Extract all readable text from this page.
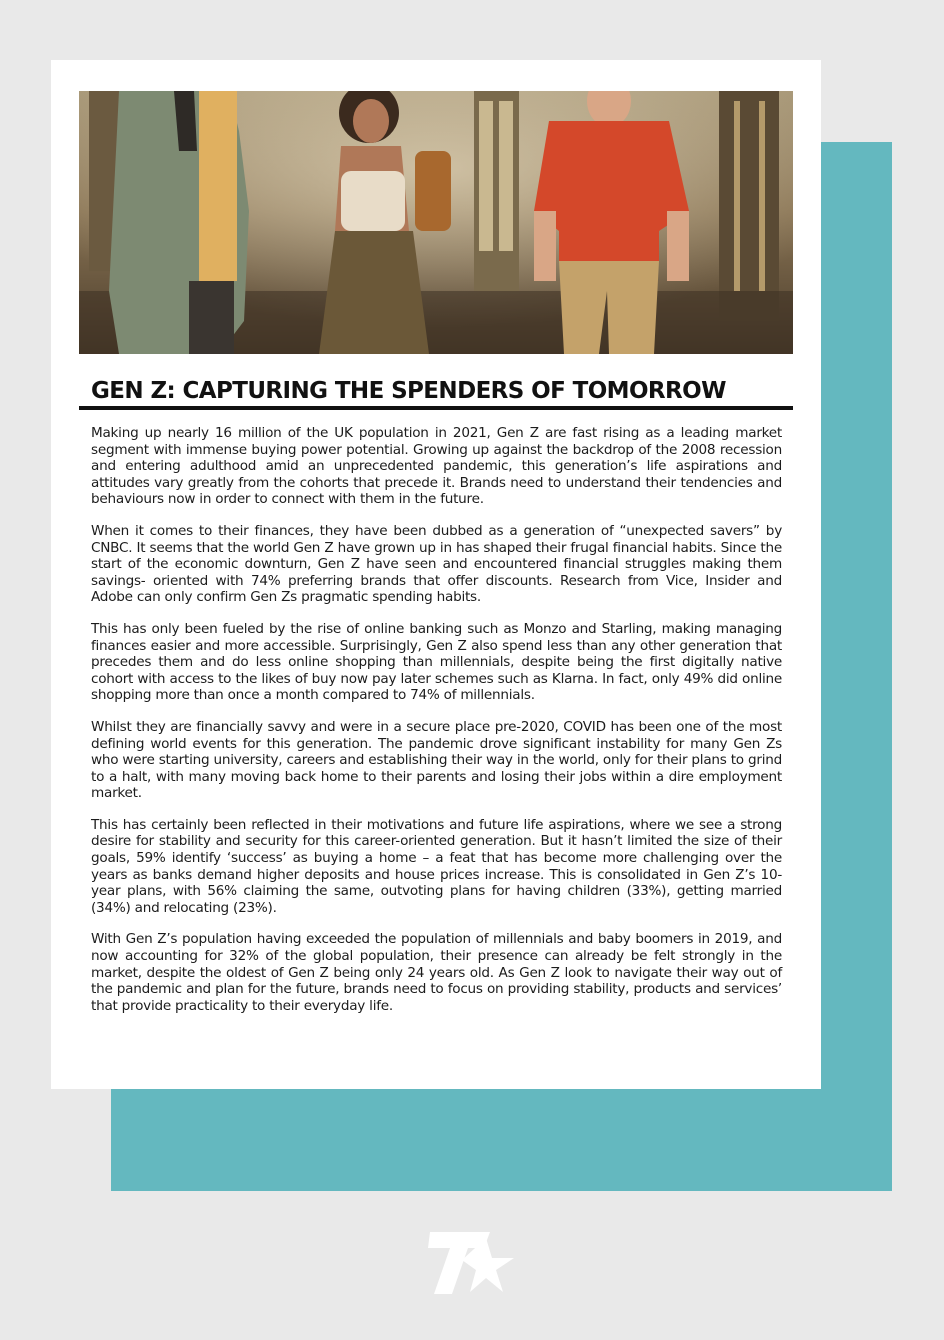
GEN Z: CAPTURING THE SPENDERS OF TOMORROW

Making up nearly 16 million of the UK population in 2021, Gen Z are fast rising as a leading market segment with immense buying power potential. Growing up against the backdrop of the 2008 recession and entering adulthood amid an unprecedented pandemic, this generation’s life aspirations and attitudes vary greatly from the cohorts that precede it. Brands need to understand their tendencies and behaviours now in order to connect with them in the future.

When it comes to their finances, they have been dubbed as a generation of “unexpected savers” by CNBC. It seems that the world Gen Z have grown up in has shaped their frugal financial habits. Since the start of the economic downturn, Gen Z have seen and encountered financial struggles making them savings- oriented with 74% preferring brands that offer discounts. Research from Vice, Insider and Adobe can only confirm Gen Zs pragmatic spending habits.

This has only been fueled by the rise of online banking such as Monzo and Starling, making managing finances easier and more accessible. Surprisingly, Gen Z also spend less than any other generation that precedes them and do less online shopping than millennials, despite being the first digitally native cohort with access to the likes of buy now pay later schemes such as Klarna. In fact, only 49% did online shopping more than once a month compared to 74% of millennials.

Whilst they are financially savvy and were in a secure place pre-2020, COVID has been one of the most defining world events for this generation. The pandemic drove significant instability for many Gen Zs who were starting university, careers and establishing their way in the world, only for their plans to grind to a halt, with many moving back home to their parents and losing their jobs within a dire employment market.

This has certainly been reflected in their motivations and future life aspirations, where we see a strong desire for stability and security for this career-oriented generation. But it hasn’t limited the size of their goals, 59% identify ‘success’ as buying a home – a feat that has become more challenging over the years as banks demand higher deposits and house prices increase. This is consolidated in Gen Z’s 10-year plans, with 56% claiming the same, outvoting plans for having children (33%), getting married (34%) and relocating (23%).

With Gen Z’s population having exceeded the population of millennials and baby boomers in 2019, and now accounting for 32% of the global population, their presence can already be felt strongly in the market, despite the oldest of Gen Z being only 24 years old. As Gen Z look to navigate their way out of the pandemic and plan for the future, brands need to focus on providing stability, products and services’ that provide practicality to their everyday life.
